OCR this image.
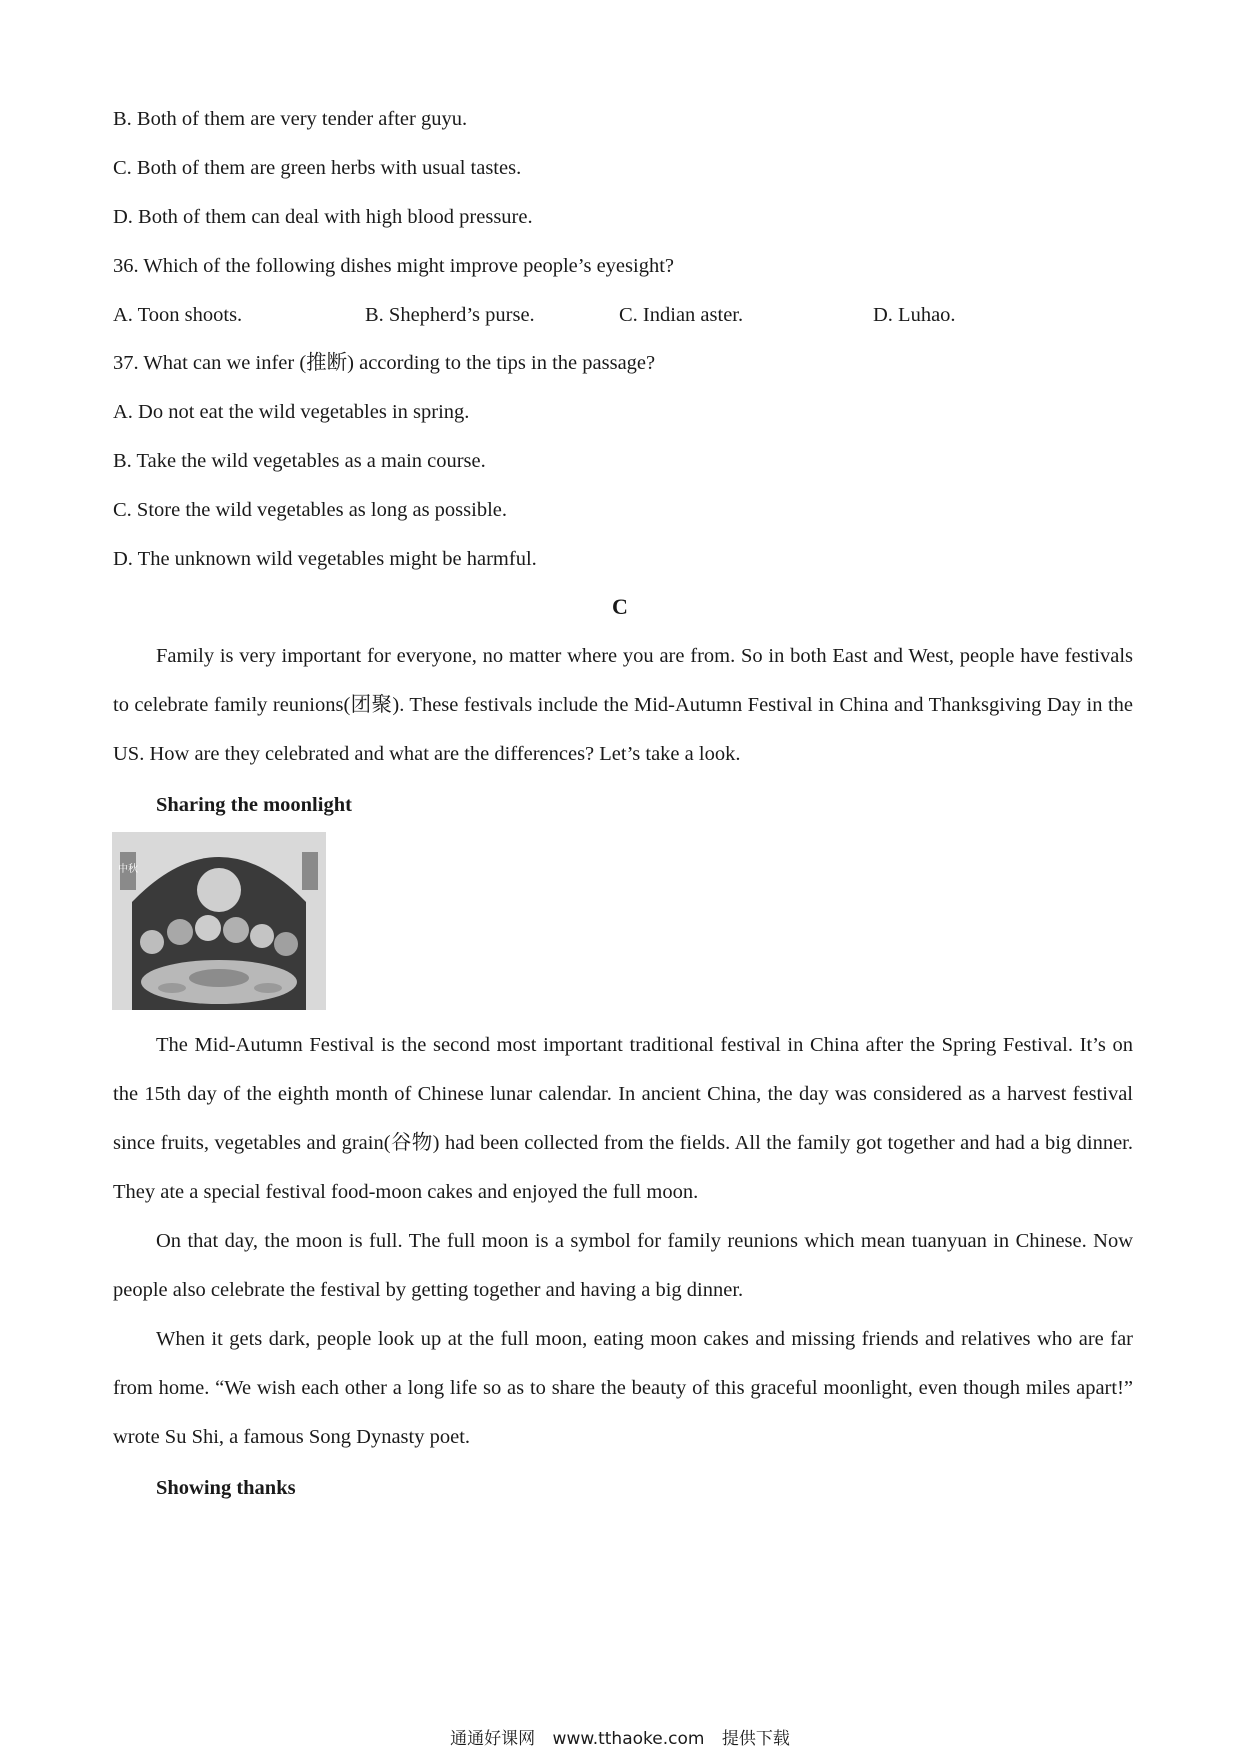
B. Both of them are very tender after guyu.
C. Both of them are green herbs with usual tastes.
D. Both of them can deal with high blood pressure.
36. Which of the following dishes might improve people’s eyesight?
A. Toon shoots.	B. Shepherd’s purse.	C. Indian aster.	D. Luhao.
37. What can we infer (推断) according to the tips in the passage?
A. Do not eat the wild vegetables in spring.
B. Take the wild vegetables as a main course.
C. Store the wild vegetables as long as possible.
D. The unknown wild vegetables might be harmful.
C

Family is very important for everyone, no matter where you are from. So in both East and West, people have festivals to celebrate family reunions(团聚). These festivals include the Mid-Autumn Festival in China and Thanksgiving Day in the US. How are they celebrated and what are the differences? Let’s take a look.

Sharing the moonlight
中秋

The Mid-Autumn Festival is the second most important traditional festival in China after the Spring Festival. It’s on the 15th day of the eighth month of Chinese lunar calendar. In ancient China, the day was considered as a harvest festival since fruits, vegetables and grain(谷物) had been collected from the fields. All the family got together and had a big dinner. They ate a special festival food-moon cakes and enjoyed the full moon.

On that day, the moon is full. The full moon is a symbol for family reunions which mean tuanyuan in Chinese. Now people also celebrate the festival by getting together and having a big dinner.

When it gets dark, people look up at the full moon, eating moon cakes and missing friends and relatives who are far from home. “We wish each other a long life so as to share the beauty of this graceful moonlight, even though miles apart!” wrote Su Shi, a famous Song Dynasty poet.

Showing thanks
通通好课网 www.tthaoke.com 提供下载
